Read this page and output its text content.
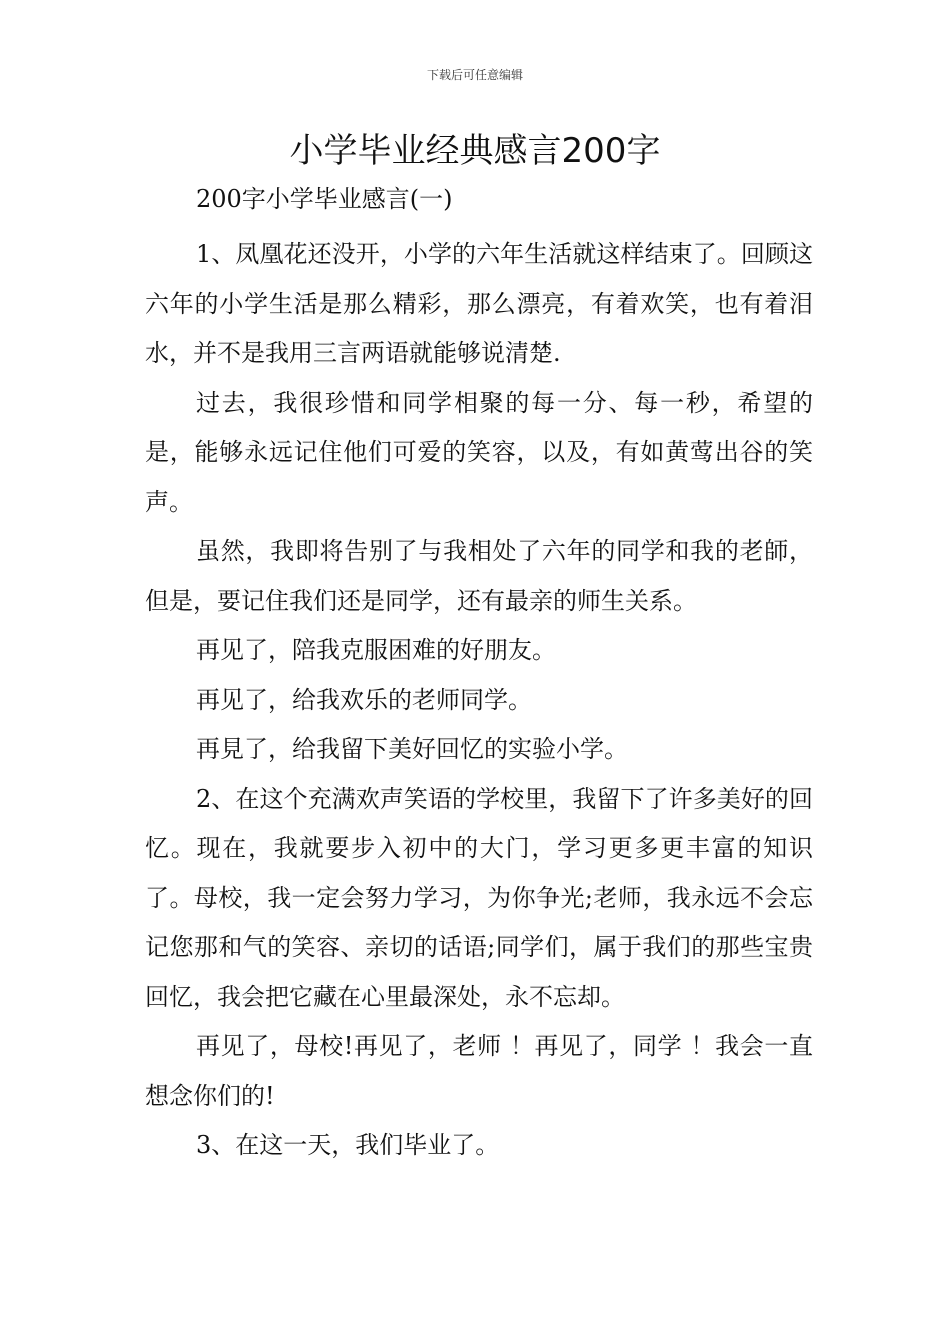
下载后可任意编辑
小学毕业经典感言200字
200字小学毕业感言(一)

1、凤凰花还没开，小学的六年生活就这样结束了。回顾这六年的小学生活是那么精彩，那么漂亮，有着欢笑，也有着泪水，并不是我用三言两语就能够说清楚.

过去，我很珍惜和同学相聚的每一分、每一秒，希望的是，能够永远记住他们可爱的笑容，以及，有如黄莺出谷的笑声。

虽然，我即将告别了与我相处了六年的同学和我的老師，但是，要记住我们还是同学，还有最亲的师生关系。

再见了，陪我克服困难的好朋友。

再见了，给我欢乐的老师同学。

再見了，给我留下美好回忆的实验小学。

2、在这个充满欢声笑语的学校里，我留下了许多美好的回忆。现在，我就要步入初中的大门，学习更多更丰富的知识了。母校，我一定会努力学习，为你争光;老师，我永远不会忘记您那和气的笑容、亲切的话语;同学们，属于我们的那些宝贵回忆，我会把它藏在心里最深处，永不忘却。

再见了，母校!再见了，老师 ！再见了，同学 ！我会一直想念你们的!

3、在这一天，我们毕业了。
